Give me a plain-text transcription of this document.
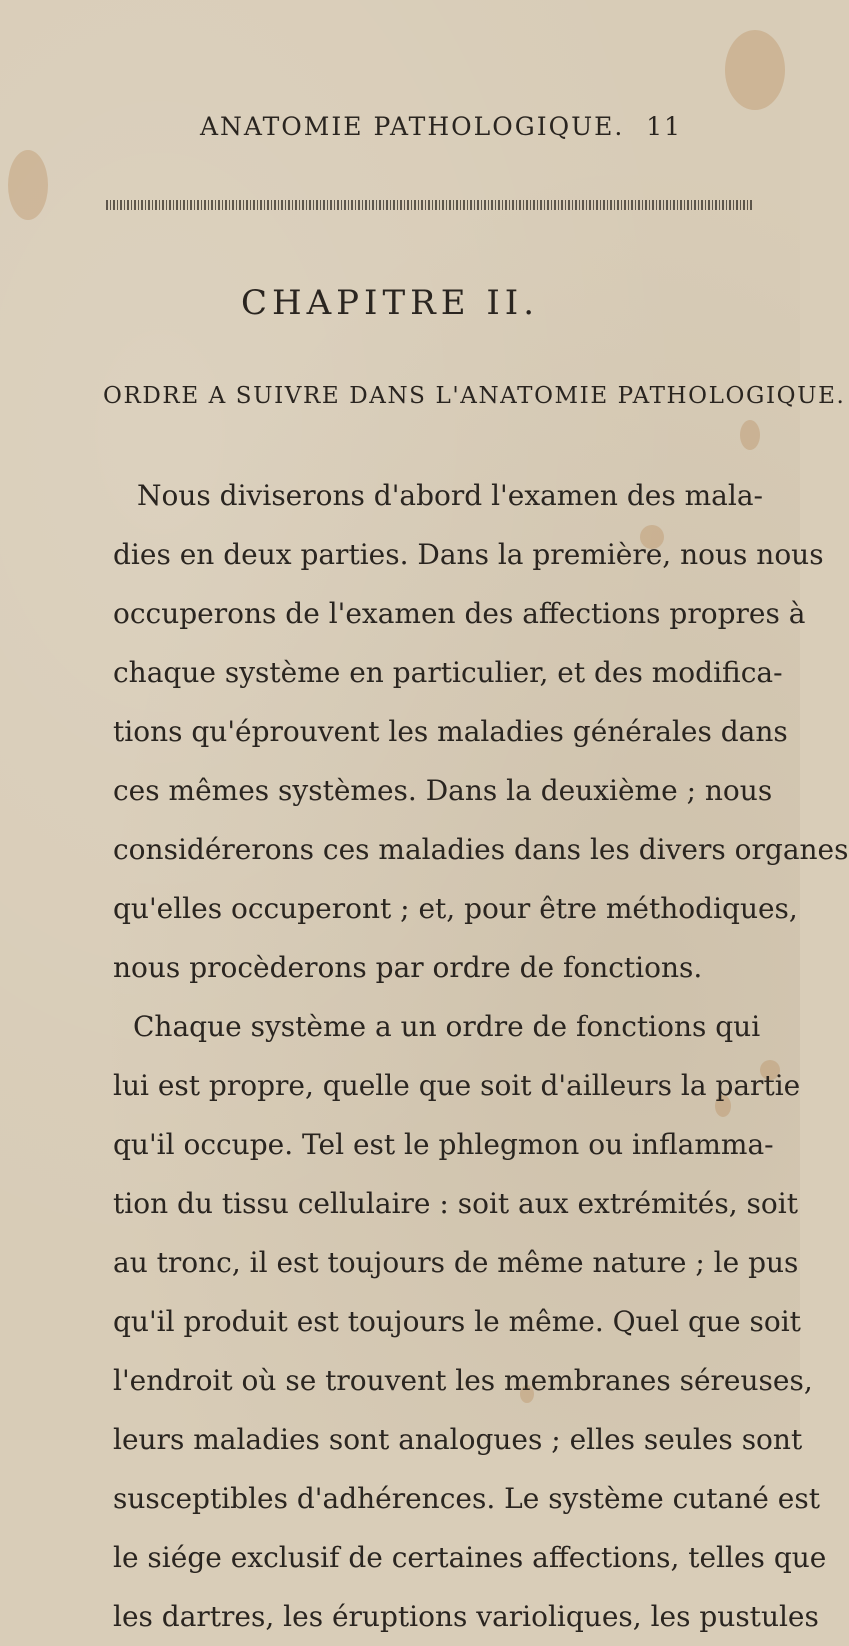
ANATOMIE PATHOLOGIQUE. 11
CHAPITRE II.
ORDRE A SUIVRE DANS L'ANATOMIE PATHOLOGIQUE.
Nous diviserons d'abord l'examen des mala-
dies en deux parties. Dans la première, nous nous
occuperons de l'examen des affections propres à
chaque système en particulier, et des modifica-
tions qu'éprouvent les maladies générales dans
ces mêmes systèmes. Dans la deuxième ; nous
considérerons ces maladies dans les divers organes
qu'elles occuperont ; et, pour être méthodiques,
nous procèderons par ordre de fonctions.
Chaque système a un ordre de fonctions qui
lui est propre, quelle que soit d'ailleurs la partie
qu'il occupe. Tel est le phlegmon ou inflamma-
tion du tissu cellulaire : soit aux extrémités, soit
au tronc, il est toujours de même nature ; le pus
qu'il produit est toujours le même. Quel que soit
l'endroit où se trouvent les membranes séreuses,
leurs maladies sont analogues ; elles seules sont
susceptibles d'adhérences. Le système cutané est
le siége exclusif de certaines affections, telles que
les dartres, les éruptions varioliques, les pustules
